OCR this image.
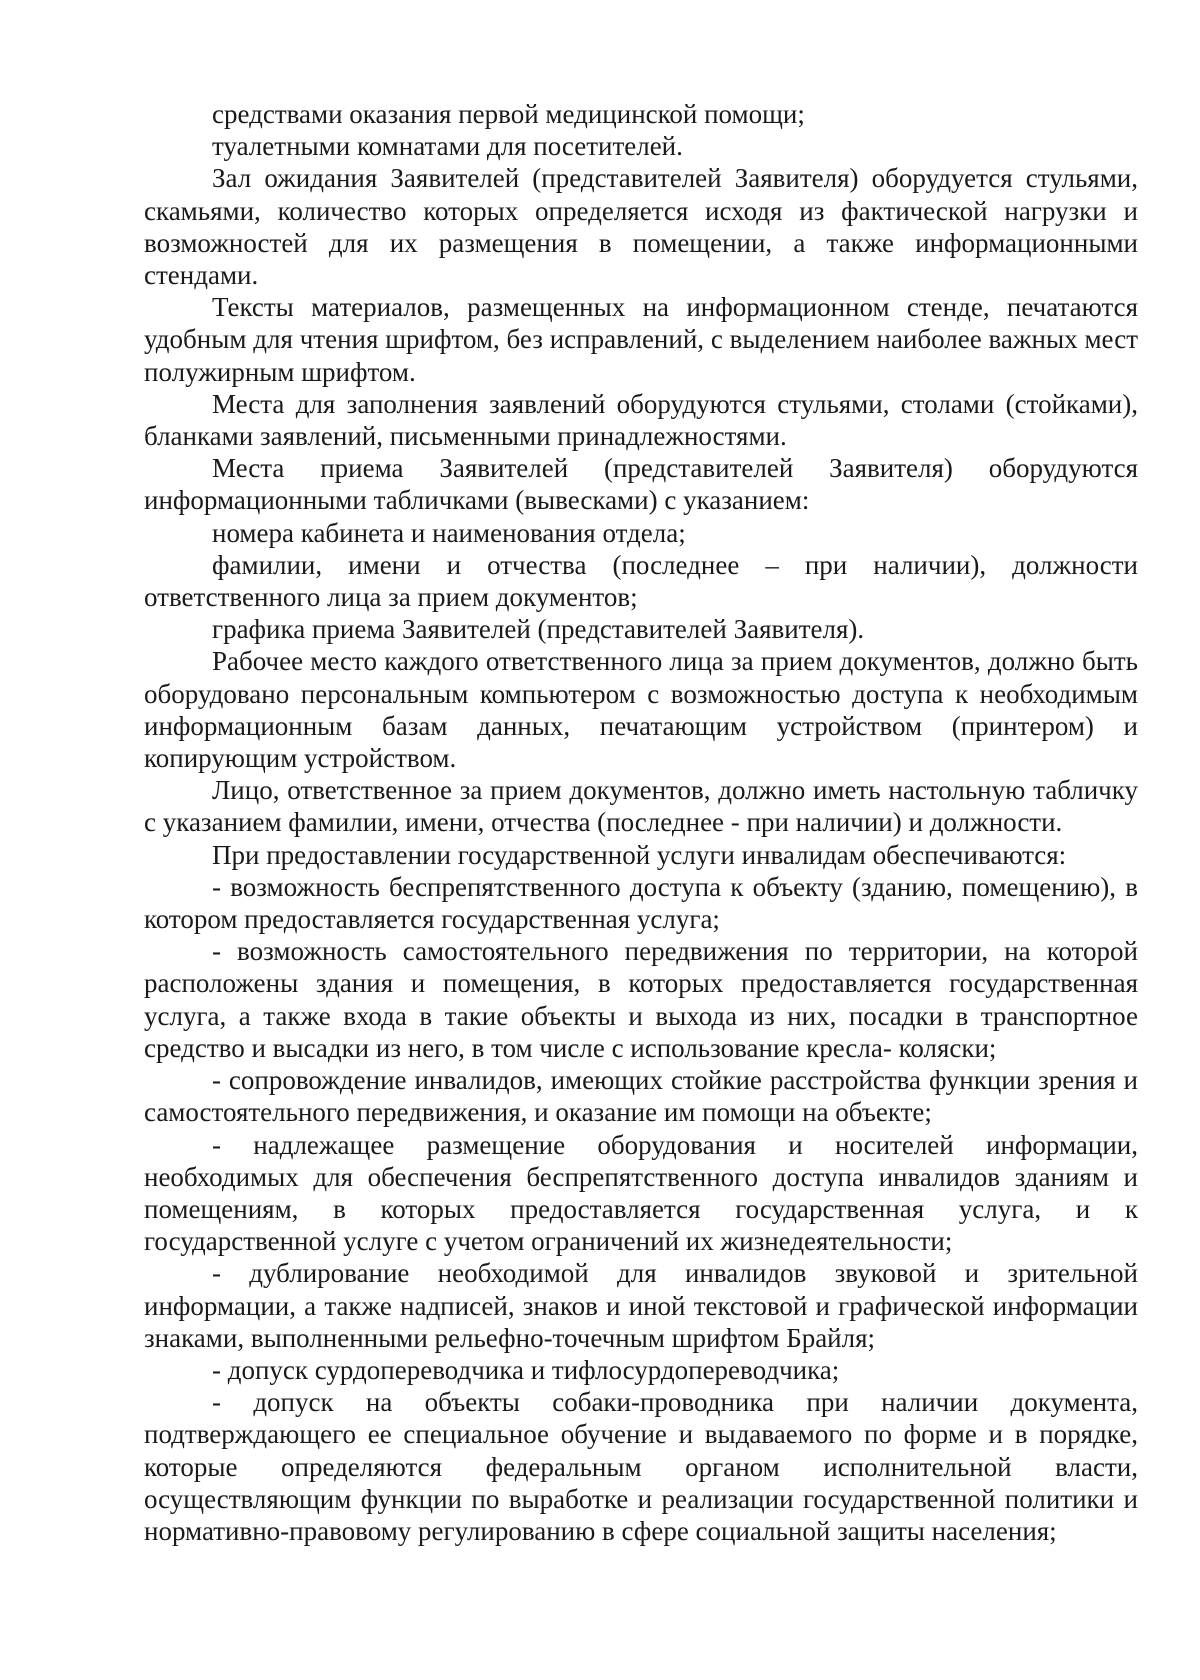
средствами оказания первой медицинской помощи;

туалетными комнатами для посетителей.

Зал ожидания Заявителей (представителей Заявителя) оборудуется стульями, скамьями, количество которых определяется исходя из фактической нагрузки и возможностей для их размещения в помещении, а также информационными стендами.

Тексты материалов, размещенных на информационном стенде, печатаются удобным для чтения шрифтом, без исправлений, с выделением наиболее важных мест полужирным шрифтом.

Места для заполнения заявлений оборудуются стульями, столами (стойками), бланками заявлений, письменными принадлежностями.

Места приема Заявителей (представителей Заявителя) оборудуются информационными табличками (вывесками) с указанием:

номера кабинета и наименования отдела;

фамилии, имени и отчества (последнее – при наличии), должности ответственного лица за прием документов;

графика приема Заявителей (представителей Заявителя).

Рабочее место каждого ответственного лица за прием документов, должно быть оборудовано персональным компьютером с возможностью доступа к необходимым информационным базам данных, печатающим устройством (принтером) и копирующим устройством.

Лицо, ответственное за прием документов, должно иметь настольную табличку с указанием фамилии, имени, отчества (последнее - при наличии) и должности.

При предоставлении государственной услуги инвалидам обеспечиваются:

- возможность беспрепятственного доступа к объекту (зданию, помещению), в котором предоставляется государственная услуга;

- возможность самостоятельного передвижения по территории, на которой расположены здания и помещения, в которых предоставляется государственная услуга, а также входа в такие объекты и выхода из них, посадки в транспортное средство и высадки из него, в том числе с использование кресла- коляски;

- сопровождение инвалидов, имеющих стойкие расстройства функции зрения и самостоятельного передвижения, и оказание им помощи на объекте;

- надлежащее размещение оборудования и носителей информации, необходимых для обеспечения беспрепятственного доступа инвалидов зданиям и помещениям, в которых предоставляется государственная услуга, и к государственной услуге с учетом ограничений их жизнедеятельности;

- дублирование необходимой для инвалидов звуковой и зрительной информации, а также надписей, знаков и иной текстовой и графической информации знаками, выполненными рельефно-точечным шрифтом Брайля;

- допуск сурдопереводчика и тифлосурдопереводчика;

- допуск на объекты собаки-проводника при наличии документа, подтверждающего ее специальное обучение и выдаваемого по форме и в порядке, которые определяются федеральным органом исполнительной власти, осуществляющим функции по выработке и реализации государственной политики и нормативно-правовому регулированию в сфере социальной защиты населения;
